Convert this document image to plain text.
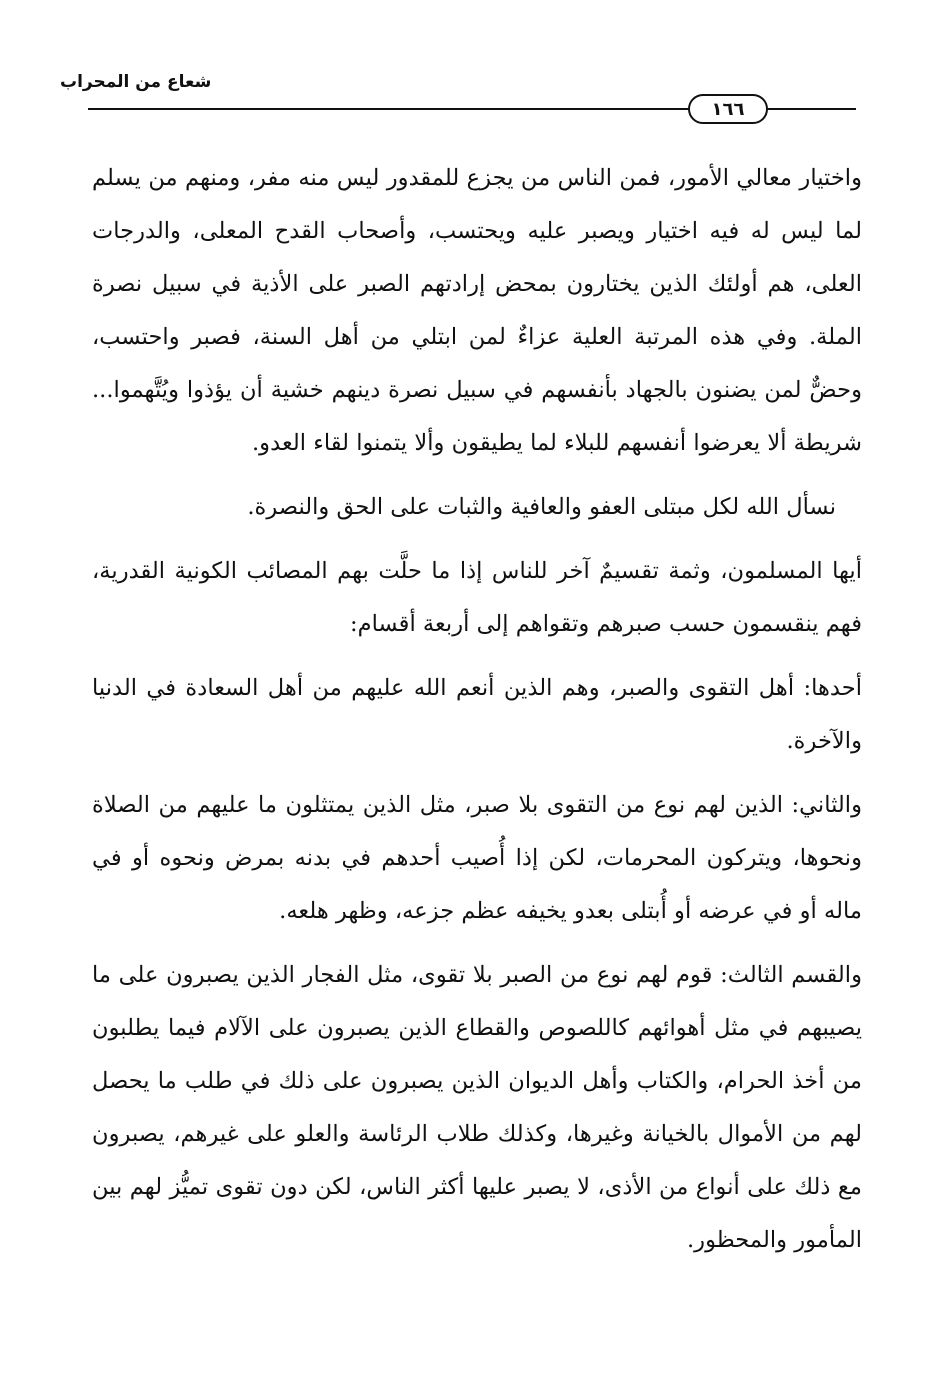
شعاع من المحراب
١٦٦

واختيار معالي الأمور، فمن الناس من يجزع للمقدور ليس منه مفر، ومنهم من يسلم لما ليس له فيه اختيار ويصبر عليه ويحتسب، وأصحاب القدح المعلى، والدرجات العلى، هم أولئك الذين يختارون بمحض إرادتهم الصبر على الأذية في سبيل نصرة الملة. وفي هذه المرتبة العلية عزاءٌ لمن ابتلي من أهل السنة، فصبر واحتسب، وحضٌّ لمن يضنون بالجهاد بأنفسهم في سبيل نصرة دينهم خشية أن يؤذوا ويُتَّهموا... شريطة ألا يعرضوا أنفسهم للبلاء لما يطيقون وألا يتمنوا لقاء العدو.

نسأل الله لكل مبتلى العفو والعافية والثبات على الحق والنصرة.

أيها المسلمون، وثمة تقسيمٌ آخر للناس إذا ما حلَّت بهم المصائب الكونية القدرية، فهم ينقسمون حسب صبرهم وتقواهم إلى أربعة أقسام:

أحدها: أهل التقوى والصبر، وهم الذين أنعم الله عليهم من أهل السعادة في الدنيا والآخرة.

والثاني: الذين لهم نوع من التقوى بلا صبر، مثل الذين يمتثلون ما عليهم من الصلاة ونحوها، ويتركون المحرمات، لكن إذا أُصيب أحدهم في بدنه بمرض ونحوه أو في ماله أو في عرضه أو أُبتلى بعدو يخيفه عظم جزعه، وظهر هلعه.

والقسم الثالث: قوم لهم نوع من الصبر بلا تقوى، مثل الفجار الذين يصبرون على ما يصيبهم في مثل أهوائهم كاللصوص والقطاع الذين يصبرون على الآلام فيما يطلبون من أخذ الحرام، والكتاب وأهل الديوان الذين يصبرون على ذلك في طلب ما يحصل لهم من الأموال بالخيانة وغيرها، وكذلك طلاب الرئاسة والعلو على غيرهم، يصبرون مع ذلك على أنواع من الأذى، لا يصبر عليها أكثر الناس، لكن دون تقوى تميُّز لهم بين المأمور والمحظور.
